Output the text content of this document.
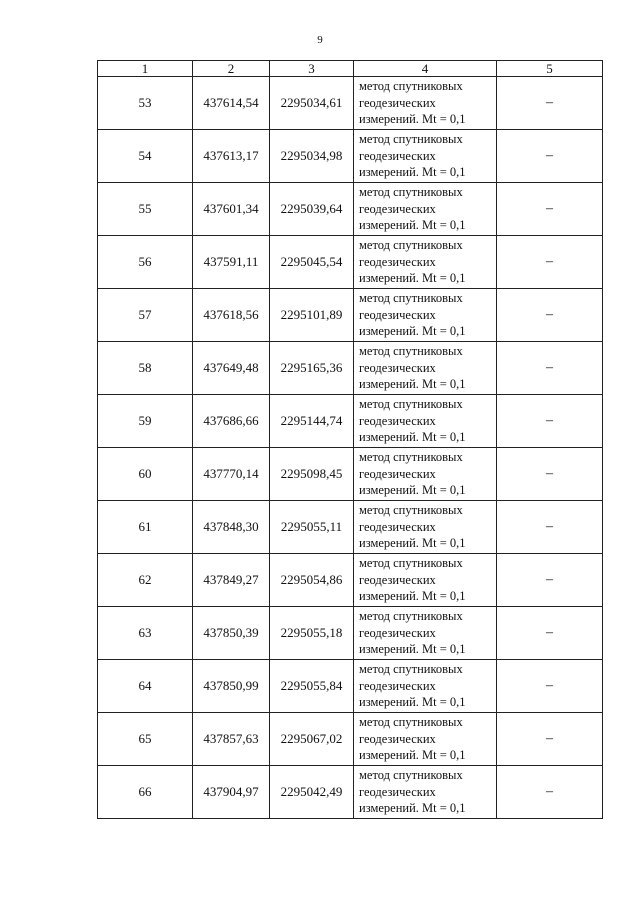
9
1	2	3	4	5
53	437614,54	2295034,61	метод спутниковых
геодезических
измерений. Mt = 0,1	–
54	437613,17	2295034,98	метод спутниковых
геодезических
измерений. Mt = 0,1	–
55	437601,34	2295039,64	метод спутниковых
геодезических
измерений. Mt = 0,1	–
56	437591,11	2295045,54	метод спутниковых
геодезических
измерений. Mt = 0,1	–
57	437618,56	2295101,89	метод спутниковых
геодезических
измерений. Mt = 0,1	–
58	437649,48	2295165,36	метод спутниковых
геодезических
измерений. Mt = 0,1	–
59	437686,66	2295144,74	метод спутниковых
геодезических
измерений. Mt = 0,1	–
60	437770,14	2295098,45	метод спутниковых
геодезических
измерений. Mt = 0,1	–
61	437848,30	2295055,11	метод спутниковых
геодезических
измерений. Mt = 0,1	–
62	437849,27	2295054,86	метод спутниковых
геодезических
измерений. Mt = 0,1	–
63	437850,39	2295055,18	метод спутниковых
геодезических
измерений. Mt = 0,1	–
64	437850,99	2295055,84	метод спутниковых
геодезических
измерений. Mt = 0,1	–
65	437857,63	2295067,02	метод спутниковых
геодезических
измерений. Mt = 0,1	–
66	437904,97	2295042,49	метод спутниковых
геодезических
измерений. Mt = 0,1	–
